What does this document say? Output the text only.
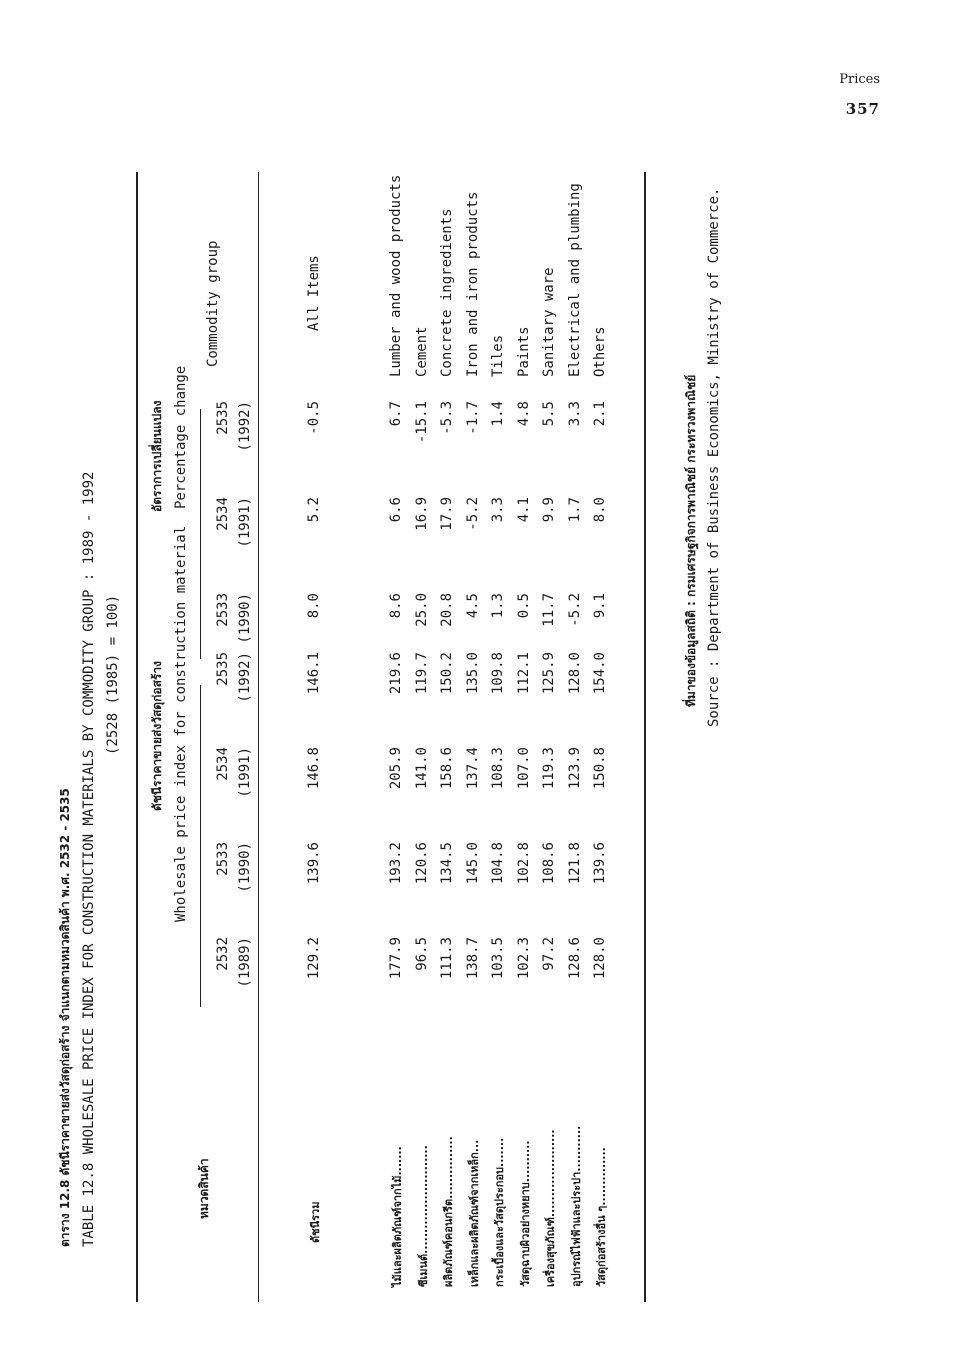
Prices
357
ตาราง 12.8 ดัชนีราคาขายส่งวัสดุก่อสร้าง จำแนกตามหมวดสินค้า พ.ศ. 2532 - 2535 TABLE 12.8 WHOLESALE PRICE INDEX FOR CONSTRUCTION MATERIALS BY COMMODITY GROUP : 1989 - 1992 (2528 (1985) = 100)
หมวดสินค้า
Commodity group
ดัชนีราคาขายส่งวัสดุก่อสร้าง Wholesale price index for construction material
อัตราการเปลี่ยนแปลง Percentage change
2533 (1990)
2534 (1991)
2535 (1992)	ที่มาของข้อมูลสถิติ : กรมเศรษฐกิจการพาณิชย์ กระทรวงพาณิชย์ Source : Department of Business Economics, Ministry of Commerce.
2532 (1989)
2533 (1990)
2534 (1991)
2535 (1992)
ดัชนีรวม
129.2
139.6
146.8
146.1
8.0
5.2
-0.5
All Items
ไม้และผลิตภัณฑ์จากไม้.......
177.9
193.2
205.9
219.6
8.6
6.6
6.7
Lumber and wood products
ซีเมนต์..........................
96.5
120.6
141.0
119.7
25.0
16.9
-15.1
Cement
ผลิตภัณฑ์คอนกรีต...............
111.3
134.5
158.6
150.2
20.8
17.9
-5.3
Concrete ingredients
เหล็กและผลิตภัณฑ์จากเหล็ก...
138.7
145.0
137.4
135.0
4.5
-5.2
-1.7
Iron and iron products
กระเบื้องและวัสดุประกอบ.......
103.5
104.8
108.3
109.8
1.3
3.3
1.4
Tiles
วัสดุฉาบผิวอย่างหยาบ..........
102.3
102.8
107.0
112.1
0.5
4.1
4.8
Paints
เครื่องสุขภัณฑ์.....................
97.2
108.6
119.3
125.9
11.7
9.9
5.5
Sanitary ware
อุปกรณ์ไฟฟ้าและประปา...........
128.6
121.8
123.9
128.0
-5.2
1.7
3.3
Electrical and plumbing
วัสดุก่อสร้างอื่น ๆ..............
128.0
139.6
150.8
154.0
9.1
8.0
2.1
Others
